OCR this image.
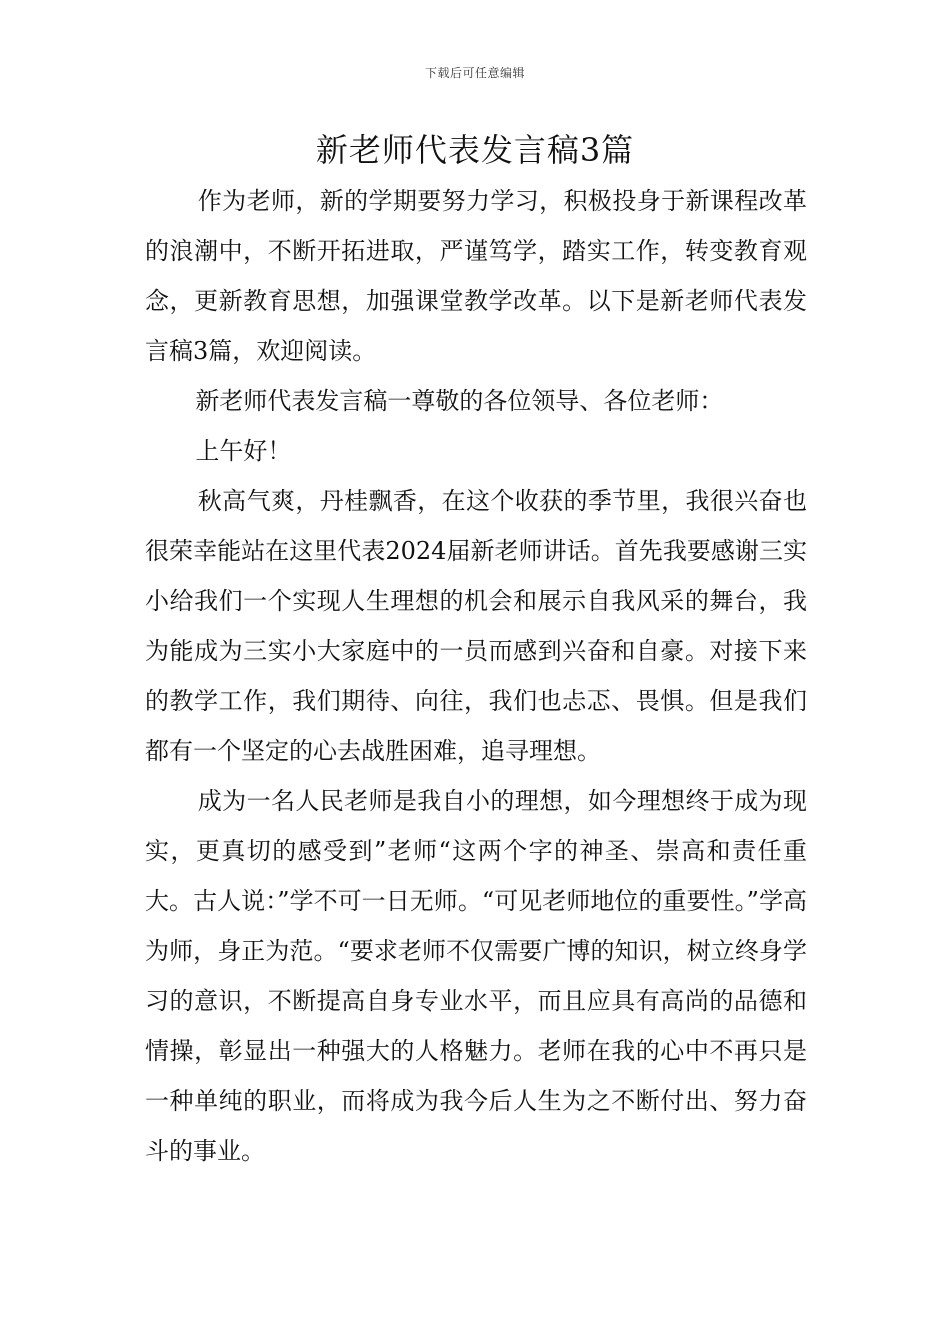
下载后可任意编辑
新老师代表发言稿3篇

作为老师，新的学期要努力学习，积极投身于新课程改革的浪潮中，不断开拓进取，严谨笃学，踏实工作，转变教育观念，更新教育思想，加强课堂教学改革。以下是新老师代表发言稿3篇，欢迎阅读。

新老师代表发言稿一尊敬的各位领导、各位老师：

上午好！

秋高气爽，丹桂飘香，在这个收获的季节里，我很兴奋也很荣幸能站在这里代表2024届新老师讲话。首先我要感谢三实小给我们一个实现人生理想的机会和展示自我风采的舞台，我为能成为三实小大家庭中的一员而感到兴奋和自豪。对接下来的教学工作，我们期待、向往，我们也忐忑、畏惧。但是我们都有一个坚定的心去战胜困难，追寻理想。

成为一名人民老师是我自小的理想，如今理想终于成为现实，更真切的感受到”老师“这两个字的神圣、崇高和责任重大。古人说：”学不可一日无师。“可见老师地位的重要性。”学高为师，身正为范。“要求老师不仅需要广博的知识，树立终身学习的意识，不断提高自身专业水平，而且应具有高尚的品德和情操，彰显出一种强大的人格魅力。老师在我的心中不再只是一种单纯的职业，而将成为我今后人生为之不断付出、努力奋斗的事业。
